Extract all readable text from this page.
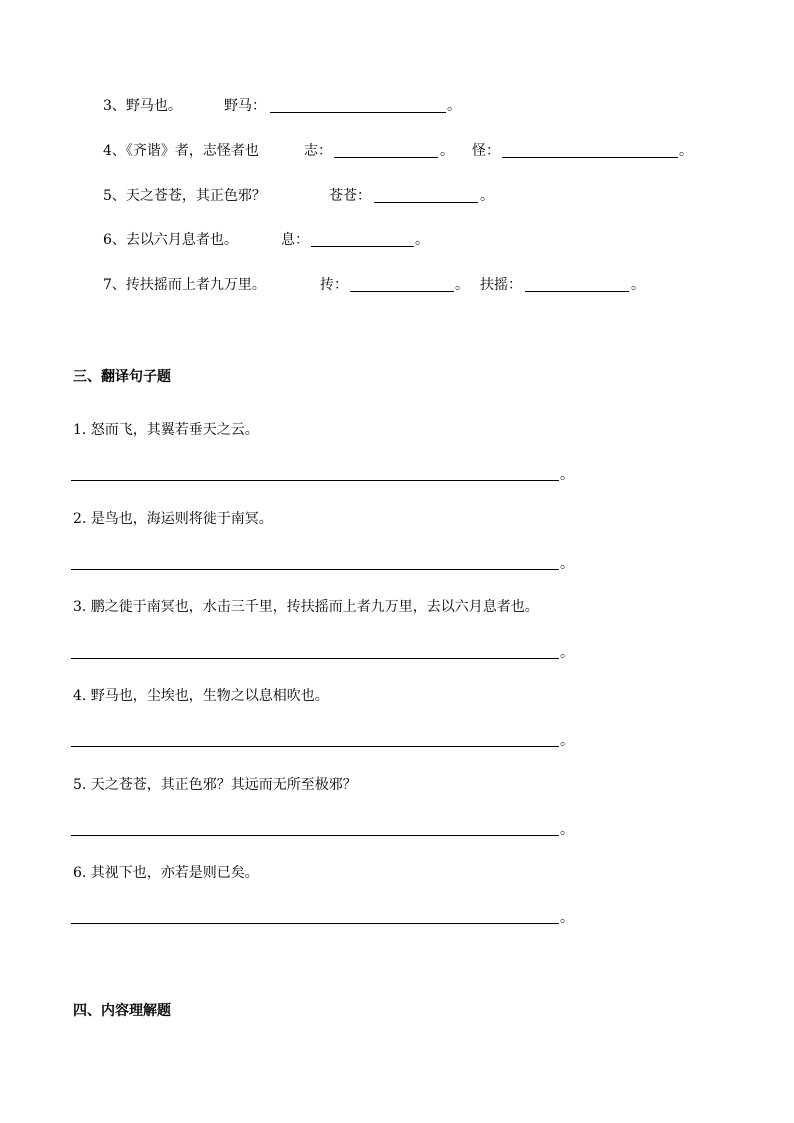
3、野马也。	野马：	。
4、《齐谐》者，志怪者也	志：	。 怪：	。
5、天之苍苍，其正色邪？	苍苍：	。
6、去以六月息者也。	息：	。
7、抟扶摇而上者九万里。	抟：	。 扶摇：	。
三、翻译句子题
1. 怒而飞，其翼若垂天之云。
。
2. 是鸟也，海运则将徙于南冥。
。
3. 鹏之徙于南冥也，水击三千里，抟扶摇而上者九万里，去以六月息者也。
。
4. 野马也，尘埃也，生物之以息相吹也。
。
5. 天之苍苍，其正色邪？其远而无所至极邪？
。
6. 其视下也，亦若是则已矣。
。
四、内容理解题
